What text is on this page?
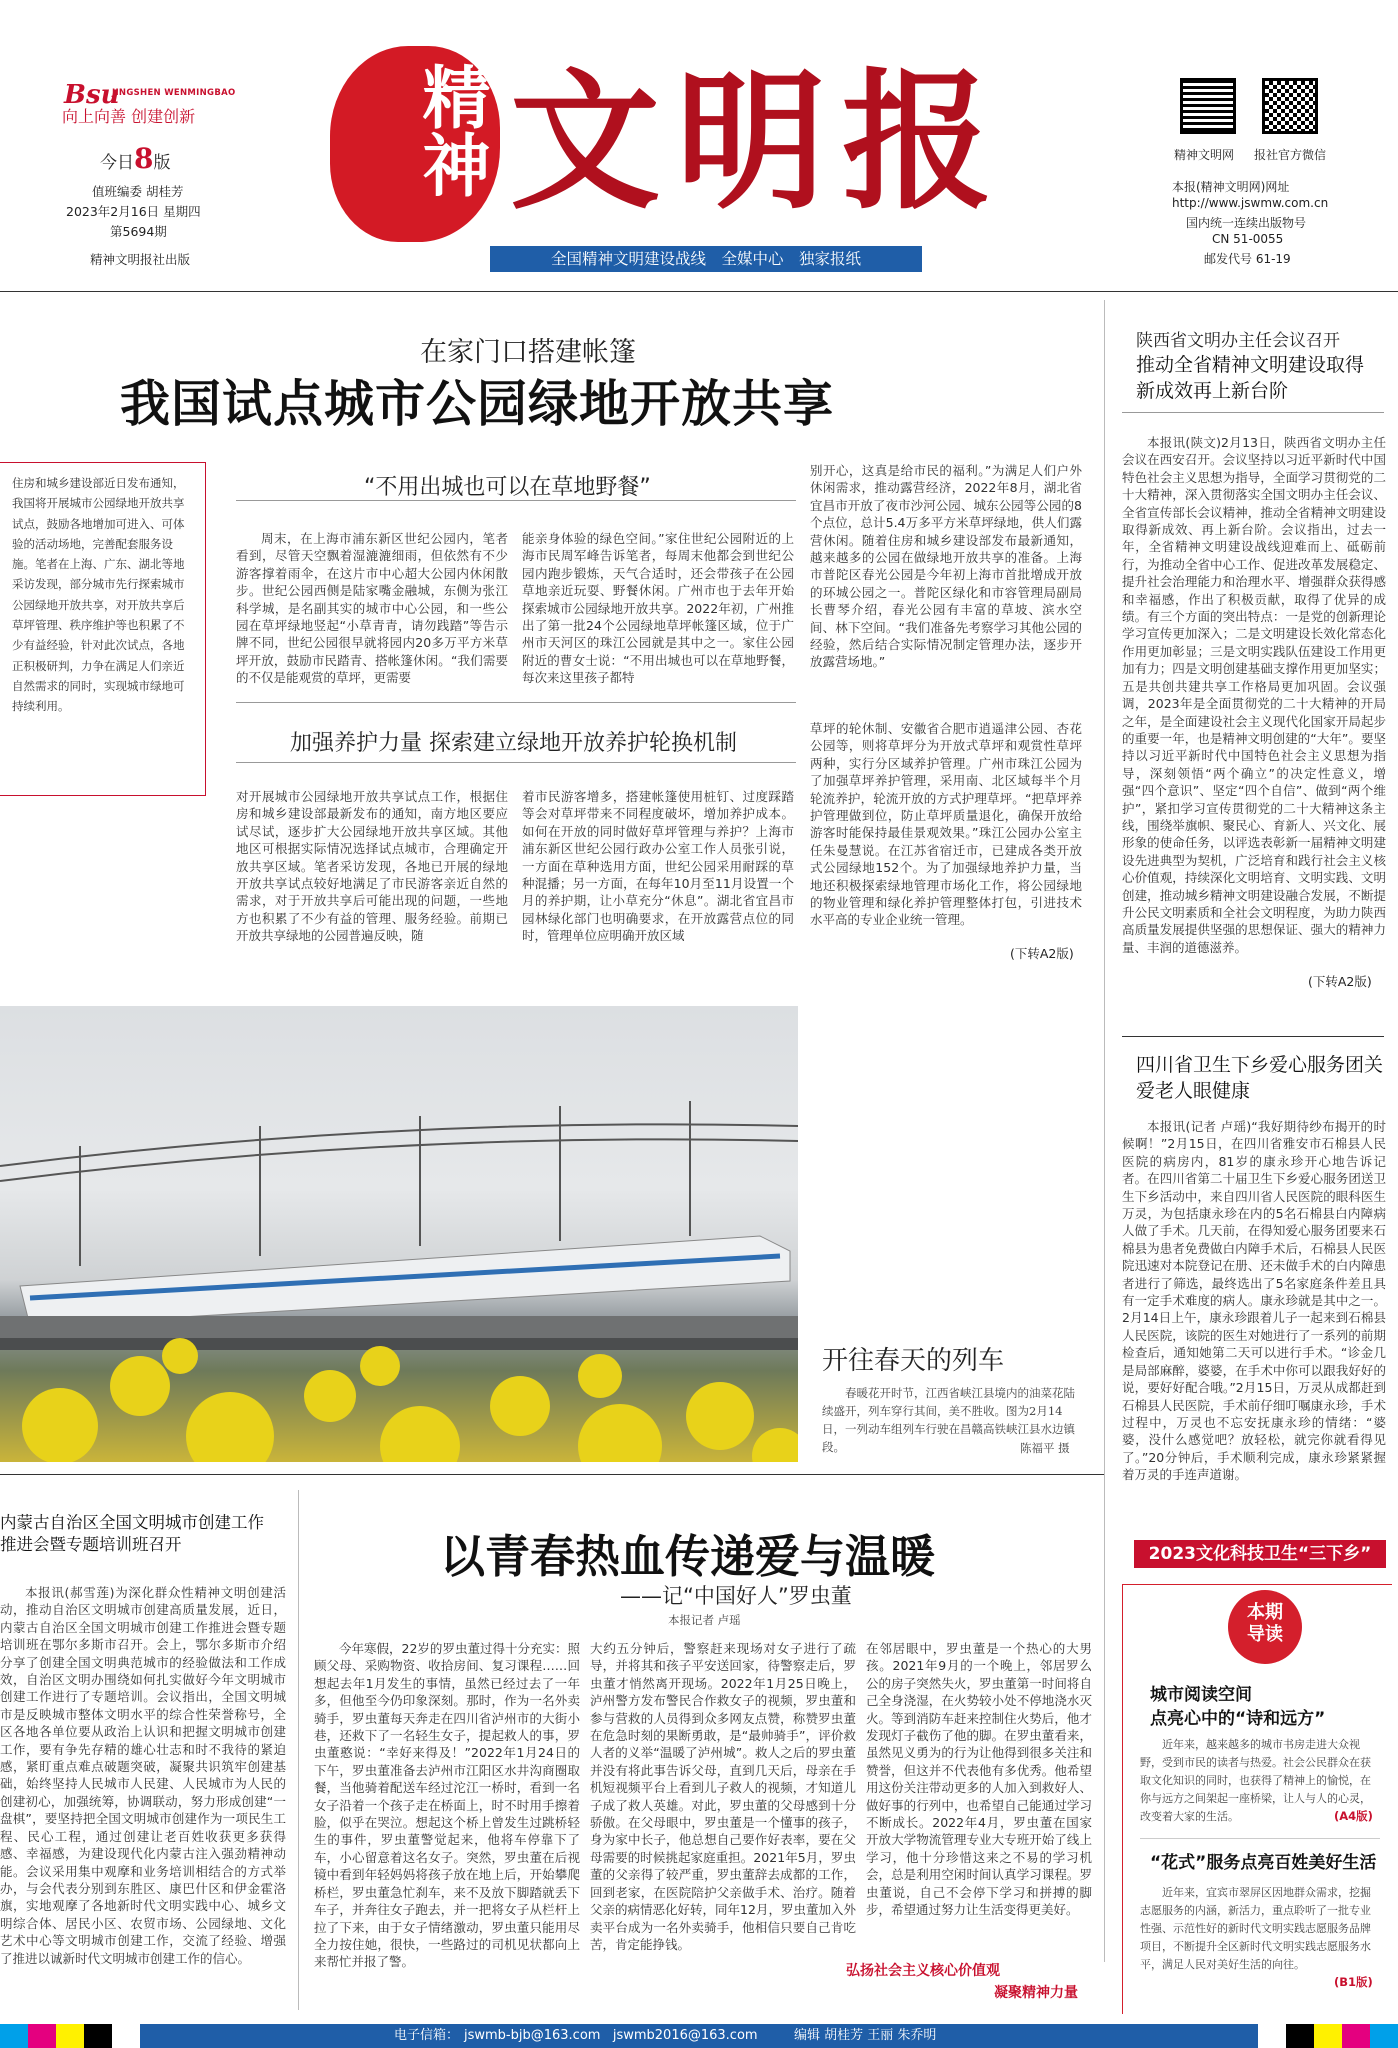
Bsu
JINGSHEN WENMINGBAO
向上向善 创建创新
今日8版
值班编委 胡桂芳
2023年2月16日 星期四
第5694期
精神文明报社出版
精神 文明报
全国精神文明建设战线　全媒中心　独家报纸
精神文明网 报社官方微信
本报(精神文明网)网址
http://www.jswmw.com.cn
国内统一连续出版物号
CN 51-0055
邮发代号 61-19
在家门口搭建帐篷
我国试点城市公园绿地开放共享
住房和城乡建设部近日发布通知，我国将开展城市公园绿地开放共享试点，鼓励各地增加可进入、可体验的活动场地，完善配套服务设施。笔者在上海、广东、湖北等地采访发现，部分城市先行探索城市公园绿地开放共享，对开放共享后草坪管理、秩序维护等也积累了不少有益经验，针对此次试点，各地正积极研判，力争在满足人们亲近自然需求的同时，实现城市绿地可持续利用。
“不用出城也可以在草地野餐”
周末，在上海市浦东新区世纪公园内，笔者看到，尽管天空飘着湿漉漉细雨，但依然有不少游客撑着雨伞，在这片市中心超大公园内休闲散步。世纪公园西侧是陆家嘴金融城，东侧为张江科学城，是名副其实的城市中心公园，和一些公园在草坪绿地竖起“小草青青，请勿践踏”等告示牌不同，世纪公园很早就将园内20多万平方米草坪开放，鼓励市民踏青、搭帐篷休闲。“我们需要的不仅是能观赏的草坪，更需要
能亲身体验的绿色空间。”家住世纪公园附近的上海市民周军峰告诉笔者，每周末他都会到世纪公园内跑步锻炼，天气合适时，还会带孩子在公园草地亲近玩耍、野餐休闲。广州市也于去年开始探索城市公园绿地开放共享。2022年初，广州推出了第一批24个公园绿地草坪帐篷区域，位于广州市天河区的珠江公园就是其中之一。家住公园附近的曹女士说：“不用出城也可以在草地野餐，每次来这里孩子都特
别开心，这真是给市民的福利。”为满足人们户外休闲需求，推动露营经济，2022年8月，湖北省宜昌市开放了夜市沙河公园、城东公园等公园的8个点位，总计5.4万多平方米草坪绿地，供人们露营休闲。随着住房和城乡建设部发布最新通知，越来越多的公园在做绿地开放共享的准备。上海市普陀区春光公园是今年初上海市首批增成开放的环城公园之一。普陀区绿化和市容管理局副局长曹琴介绍，春光公园有丰富的草坡、滨水空间、林下空间。“我们准备先考察学习其他公园的经验，然后结合实际情况制定管理办法，逐步开放露营场地。”
加强养护力量 探索建立绿地开放养护轮换机制
对开展城市公园绿地开放共享试点工作，根据住房和城乡建设部最新发布的通知，南方地区要应试尽试，逐步扩大公园绿地开放共享区域。其他地区可根据实际情况选择试点城市，合理确定开放共享区域。笔者采访发现，各地已开展的绿地开放共享试点较好地满足了市民游客亲近自然的需求，对于开放共享后可能出现的问题，一些地方也积累了不少有益的管理、服务经验。前期已开放共享绿地的公园普遍反映，随
着市民游客增多，搭建帐篷使用桩钉、过度踩踏等会对草坪带来不同程度破坏，增加养护成本。如何在开放的同时做好草坪管理与养护？上海市浦东新区世纪公园行政办公室工作人员张引说，一方面在草种选用方面，世纪公园采用耐踩的草种混播；另一方面，在每年10月至11月设置一个月的养护期，让小草充分“休息”。湖北省宜昌市园林绿化部门也明确要求，在开放露营点位的同时，管理单位应明确开放区域
草坪的轮休制、安徽省合肥市逍遥津公园、杏花公园等，则将草坪分为开放式草坪和观赏性草坪两种，实行分区域养护管理。广州市珠江公园为了加强草坪养护管理，采用南、北区域每半个月轮流养护，轮流开放的方式护理草坪。“把草坪养护管理做到位，防止草坪质量退化，确保开放给游客时能保持最佳景观效果。”珠江公园办公室主任朱曼慧说。在江苏省宿迁市，已建成各类开放式公园绿地152个。为了加强绿地养护力量，当地还积极探索绿地管理市场化工作，将公园绿地的物业管理和绿化养护管理整体打包，引进技术水平高的专业企业统一管理。
(下转A2版)
开往春天的列车
春暖花开时节，江西省峡江县境内的油菜花陆续盛开，列车穿行其间，美不胜收。图为2月14日，一列动车组列车行驶在昌赣高铁峡江县水边镇段。	陈福平 摄
陕西省文明办主任会议召开
推动全省精神文明建设取得新成效再上新台阶
本报讯(陕文)2月13日，陕西省文明办主任会议在西安召开。会议坚持以习近平新时代中国特色社会主义思想为指导，全面学习贯彻党的二十大精神，深入贯彻落实全国文明办主任会议、全省宣传部长会议精神，推动全省精神文明建设取得新成效、再上新台阶。会议指出，过去一年，全省精神文明建设战线迎难而上、砥砺前行，为推动全省中心工作、促进改革发展稳定、提升社会治理能力和治理水平、增强群众获得感和幸福感，作出了积极贡献，取得了优异的成绩。有三个方面的突出特点：一是党的创新理论学习宣传更加深入；二是文明建设长效化常态化作用更加彰显；三是文明实践队伍建设工作用更加有力；四是文明创建基础支撑作用更加坚实；五是共创共建共享工作格局更加巩固。会议强调，2023年是全面贯彻党的二十大精神的开局之年，是全面建设社会主义现代化国家开局起步的重要一年，也是精神文明创建的“大年”。要坚持以习近平新时代中国特色社会主义思想为指导，深刻领悟“两个确立”的决定性意义，增强“四个意识”、坚定“四个自信”、做到“两个维护”，紧扣学习宣传贯彻党的二十大精神这条主线，围绕举旗帜、聚民心、育新人、兴文化、展形象的使命任务，以评选表彰新一届精神文明建设先进典型为契机，广泛培育和践行社会主义核心价值观，持续深化文明培育、文明实践、文明创建，推动城乡精神文明建设融合发展，不断提升公民文明素质和全社会文明程度，为助力陕西高质量发展提供坚强的思想保证、强大的精神力量、丰润的道德滋养。
(下转A2版)
四川省卫生下乡爱心服务团关爱老人眼健康
本报讯(记者 卢瑶)“我好期待纱布揭开的时候啊！”2月15日，在四川省雅安市石棉县人民医院的病房内，81岁的康永珍开心地告诉记者。在四川省第二十届卫生下乡爱心服务团送卫生下乡活动中，来自四川省人民医院的眼科医生万灵，为包括康永珍在内的5名石棉县白内障病人做了手术。几天前，在得知爱心服务团要来石棉县为患者免费做白内障手术后，石棉县人民医院迅速对本院登记在册、还未做手术的白内障患者进行了筛选，最终选出了5名家庭条件差且具有一定手术难度的病人。康永珍就是其中之一。2月14日上午，康永珍跟着儿子一起来到石棉县人民医院，该院的医生对她进行了一系列的前期检查后，通知她第二天可以进行手术。“诊金几是局部麻醉，婆婆，在手术中你可以跟我好好的说，要好好配合哦。”2月15日，万灵从成都赶到石棉县人民医院，手术前仔细叮嘱康永珍，手术过程中，万灵也不忘安抚康永珍的情绪：“婆婆，没什么感觉吧？放轻松，就完你就看得见了。”20分钟后，手术顺利完成，康永珍紧紧握着万灵的手连声道谢。
2023文化科技卫生“三下乡”
内蒙古自治区全国文明城市创建工作推进会暨专题培训班召开
本报讯(郝雪莲)为深化群众性精神文明创建活动，推动自治区文明城市创建高质量发展，近日，内蒙古自治区全国文明城市创建工作推进会暨专题培训班在鄂尔多斯市召开。会上，鄂尔多斯市介绍分享了创建全国文明典范城市的经验做法和工作成效，自治区文明办围绕如何扎实做好今年文明城市创建工作进行了专题培训。会议指出，全国文明城市是反映城市整体文明水平的综合性荣誉称号，全区各地各单位要从政治上认识和把握文明城市创建工作，要有争先存精的雄心壮志和时不我待的紧迫感，紧盯重点难点破题突破，凝聚共识筑牢创建基础，始终坚持人民城市人民建、人民城市为人民的创建初心，加强统筹，协调联动，努力形成创建“一盘棋”，要坚持把全国文明城市创建作为一项民生工程、民心工程，通过创建让老百姓收获更多获得感、幸福感，为建设现代化内蒙古注入强劲精神动能。会议采用集中观摩和业务培训相结合的方式举办，与会代表分别到东胜区、康巴什区和伊金霍洛旗，实地观摩了各地新时代文明实践中心、城乡文明综合体、居民小区、农贸市场、公园绿地、文化艺术中心等文明城市创建工作，交流了经验、增强了推进以诚新时代文明城市创建工作的信心。
以青春热血传递爱与温暖
——记“中国好人”罗虫董
本报记者 卢瑶
今年寒假，22岁的罗虫董过得十分充实：照顾父母、采购物资、收拾房间、复习课程……回想起去年1月发生的事情，虽然已经过去了一年多，但他至今仍印象深刻。那时，作为一名外卖骑手，罗虫董每天奔走在四川省泸州市的大街小巷，还救下了一名轻生女子，提起救人的事，罗虫董憨说：“幸好来得及！”2022年1月24日的下午，罗虫董准备去泸州市江阳区水井沟商圈取餐，当他骑着配送车经过沱江一桥时，看到一名女子沿着一个孩子走在桥面上，时不时用手擦着脸，似乎在哭泣。想起这个桥上曾发生过跳桥轻生的事件，罗虫董警觉起来，他将车停靠下了车，小心留意着这名女子。突然，罗虫董在后视镜中看到年轻妈妈将孩子放在地上后，开始攀爬桥栏，罗虫董急忙刹车，来不及放下脚踏就丢下车子，并奔往女子跑去，并一把将女子从栏杆上拉了下来，由于女子情绪激动，罗虫董只能用尽全力按住她，很快，一些路过的司机见状都向上来帮忙并报了警。
大约五分钟后，警察赶来现场对女子进行了疏导，并将其和孩子平安送回家，待警察走后，罗虫董才悄然离开现场。2022年1月25日晚上，泸州警方发布警民合作救女子的视频，罗虫董和参与营救的人员得到众多网友点赞，称赞罗虫董在危急时刻的果断勇敢，是“最帅骑手”，评价救人者的义举“温暖了泸州城”。救人之后的罗虫董并没有将此事告诉父母，直到几天后，母亲在手机短视频平台上看到儿子救人的视频，才知道儿子成了救人英雄。对此，罗虫董的父母感到十分骄傲。在父母眼中，罗虫董是一个懂事的孩子，身为家中长子，他总想自己要作好表率，要在父母需要的时候挑起家庭重担。2021年5月，罗虫董的父亲得了较严重，罗虫董辞去成都的工作，回到老家，在医院陪护父亲做手术、治疗。随着父亲的病情恶化好转，同年12月，罗虫董加入外卖平台成为一名外卖骑手，他相信只要自己肯吃苦，肯定能挣钱。
在邻居眼中，罗虫董是一个热心的大男孩。2021年9月的一个晚上，邻居罗么公的房子突然失火，罗虫董第一时间将自己全身浇湿，在火势较小处不停地浇水灭火。等到消防车赶来控制住火势后，他才发现灯子截伤了他的脚。在罗虫董看来，虽然见义勇为的行为让他得到很多关注和赞誉，但这并不代表他有多优秀。他希望用这份关注带动更多的人加入到救好人、做好事的行列中，也希望自己能通过学习不断成长。2022年4月，罗虫董在国家开放大学物流管理专业大专班开始了线上学习，他十分珍惜这来之不易的学习机会，总是利用空闲时间认真学习课程。罗虫董说，自己不会停下学习和拼搏的脚步，希望通过努力让生活变得更美好。
弘扬社会主义核心价值观
凝聚精神力量
本期
导读
城市阅读空间
点亮心中的“诗和远方”
近年来，越来越多的城市书房走进大众视野，受到市民的读者与热爱。社会公民群众在获取文化知识的同时，也获得了精神上的愉悦，在你与远方之间架起一座桥梁，让人与人的心灵，改变着大家的生活。	(A4版)
“花式”服务点亮百姓美好生活
近年来，宜宾市翠屏区因地群众需求，挖掘志愿服务的内涵，新活力，重点聆听了一批专业性强、示范性好的新时代文明实践志愿服务品牌项目，不断提升全区新时代文明实践志愿服务水平，满足人民对美好生活的向往。
(B1版)
电子信箱： jswmb-bjb@163.com   jswmb2016@163.com	编辑 胡桂芳 王丽 朱乔明
